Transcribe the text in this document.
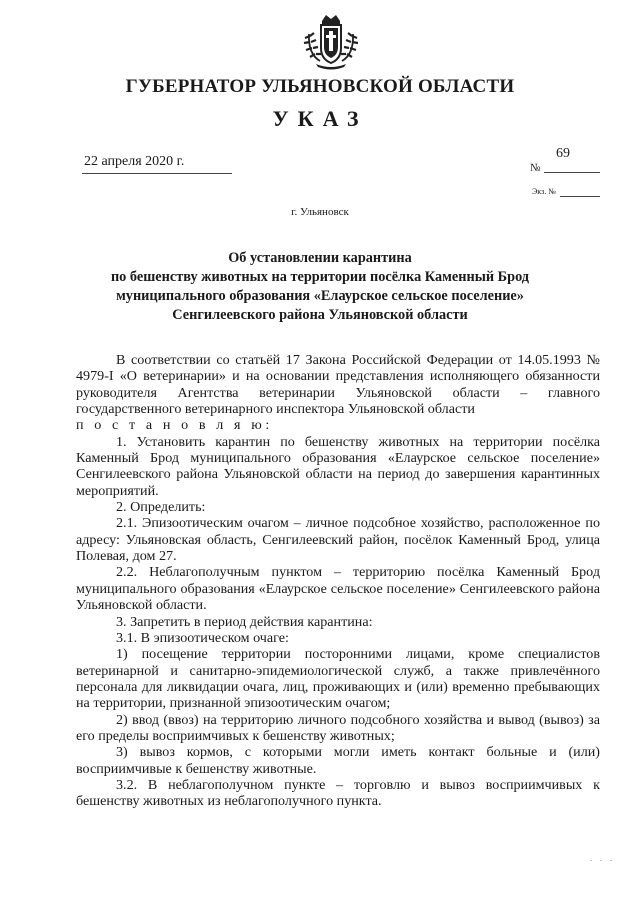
ГУБЕРНАТОР УЛЬЯНОВСКОЙ ОБЛАСТИ
УКАЗ
22 апреля 2020 г.	№
69
Экз. №
г. Ульяновск
Об установлении карантина
по бешенству животных на территории посёлка Каменный Брод
муниципального образования «Елаурское сельское поселение»
Сенгилеевского района Ульяновской области

В соответствии со статьёй 17 Закона Российской Федерации от 14.05.1993 № 4979-I «О ветеринарии» и на основании представления исполняющего обязанности руководителя Агентства ветеринарии Ульяновской области – главного государственного ветеринарного инспектора Ульяновской области

п о с т а н о в л я ю:

1. Установить карантин по бешенству животных на территории посёлка Каменный Брод муниципального образования «Елаурское сельское поселение» Сенгилеевского района Ульяновской области на период до завершения карантинных мероприятий.

2. Определить:

2.1. Эпизоотическим очагом – личное подсобное хозяйство, расположенное по адресу: Ульяновская область, Сенгилеевский район, посёлок Каменный Брод, улица Полевая, дом 27.

2.2. Неблагополучным пунктом – территорию посёлка Каменный Брод муниципального образования «Елаурское сельское поселение» Сенгилеевского района Ульяновской области.

3. Запретить в период действия карантина:

3.1. В эпизоотическом очаге:

1) посещение территории посторонними лицами, кроме специалистов ветеринарной и санитарно-эпидемиологической служб, а также привлечённого персонала для ликвидации очага, лиц, проживающих и (или) временно пребывающих на территории, признанной эпизоотическим очагом;

2) ввод (ввоз) на территорию личного подсобного хозяйства и вывод (вывоз) за его пределы восприимчивых к бешенству животных;

3) вывоз кормов, с которыми могли иметь контакт больные и (или) восприимчивые к бешенству животные.

3.2. В неблагополучном пункте – торговлю и вывоз восприимчивых к бешенству животных из неблагополучного пункта.

. . .
